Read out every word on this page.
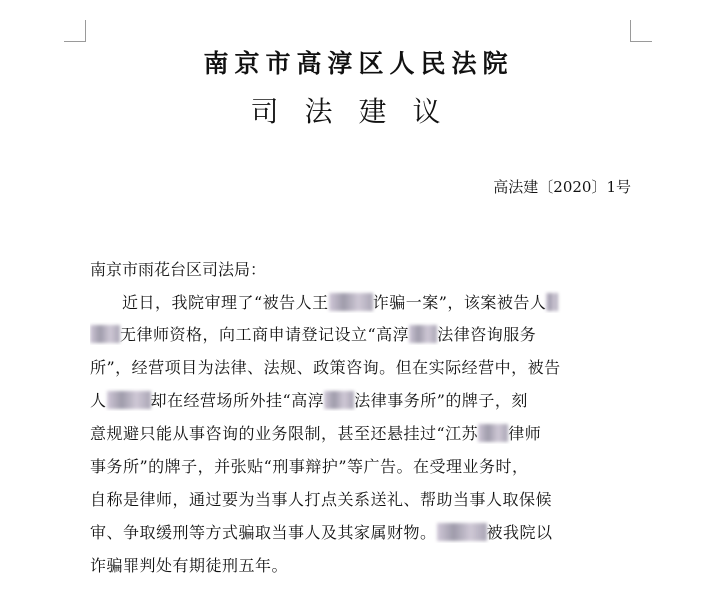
南京市高淳区人民法院
司法建议
高法建〔2020〕1号
南京市雨花台区司法局：
近日，我院审理了“被告人王	诈骗一案”，该案被告人
无律师资格，向工商申请登记设立“高淳 法律咨询服务
所”，经营项目为法律、法规、政策咨询。但在实际经营中，被告
人	却在经营场所外挂“高淳 法律事务所”的牌子，刻
意规避只能从事咨询的业务限制，甚至还悬挂过“江苏 律师
事务所”的牌子，并张贴“刑事辩护”等广告。在受理业务时，
自称是律师，通过要为当事人打点关系送礼、帮助当事人取保候
审、争取缓刑等方式骗取当事人及其家属财物。	被我院以
诈骗罪判处有期徒刑五年。
